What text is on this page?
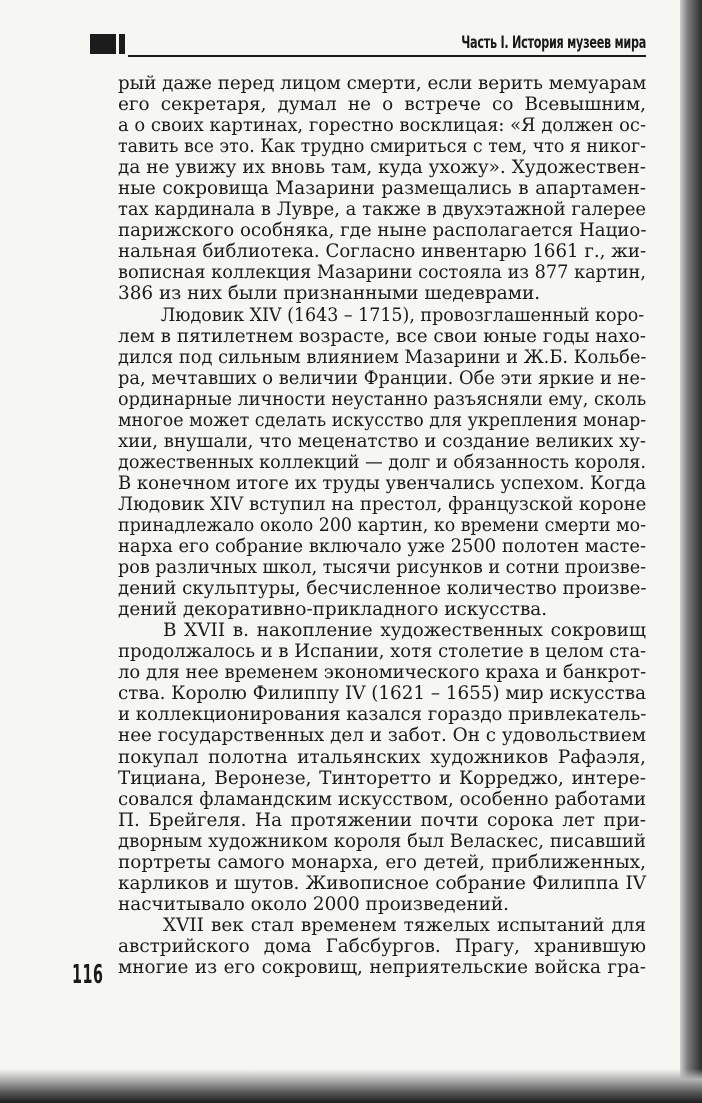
Часть I. История музеев мира
рый даже перед лицом смерти, если верить мемуарам
его секретаря, думал не о встрече со Всевышним,
а о своих картинах, горестно восклицая: «Я должен ос-
тавить все это. Как трудно смириться с тем, что я никог-
да не увижу их вновь там, куда ухожу». Художествен-
ные сокровища Мазарини размещались в апартамен-
тах кардинала в Лувре, а также в двухэтажной галерее
парижского особняка, где ныне располагается Нацио-
нальная библиотека. Согласно инвентарю 1661 г., жи-
вописная коллекция Мазарини состояла из 877 картин,
386 из них были признанными шедеврами.
Людовик XIV (1643 – 1715), провозглашенный коро-
лем в пятилетнем возрасте, все свои юные годы нахо-
дился под сильным влиянием Мазарини и Ж.Б. Кольбе-
ра, мечтавших о величии Франции. Обе эти яркие и не-
ординарные личности неустанно разъясняли ему, сколь
многое может сделать искусство для укрепления монар-
хии, внушали, что меценатство и создание великих ху-
дожественных коллекций — долг и обязанность короля.
В конечном итоге их труды увенчались успехом. Когда
Людовик XIV вступил на престол, французской короне
принадлежало около 200 картин, ко времени смерти мо-
нарха его собрание включало уже 2500 полотен масте-
ров различных школ, тысячи рисунков и сотни произве-
дений скульптуры, бесчисленное количество произве-
дений декоративно-прикладного искусства.
В XVII в. накопление художественных сокровищ
продолжалось и в Испании, хотя столетие в целом ста-
ло для нее временем экономического краха и банкрот-
ства. Королю Филиппу IV (1621 – 1655) мир искусства
и коллекционирования казался гораздо привлекатель-
нее государственных дел и забот. Он с удовольствием
покупал полотна итальянских художников Рафаэля,
Тициана, Веронезе, Тинторетто и Корреджо, интере-
совался фламандским искусством, особенно работами
П. Брейгеля. На протяжении почти сорока лет при-
дворным художником короля был Веласкес, писавший
портреты самого монарха, его детей, приближенных,
карликов и шутов. Живописное собрание Филиппа IV
насчитывало около 2000 произведений.
XVII век стал временем тяжелых испытаний для
австрийского дома Габсбургов. Прагу, хранившую
многие из его сокровищ, неприятельские войска гра-
116
